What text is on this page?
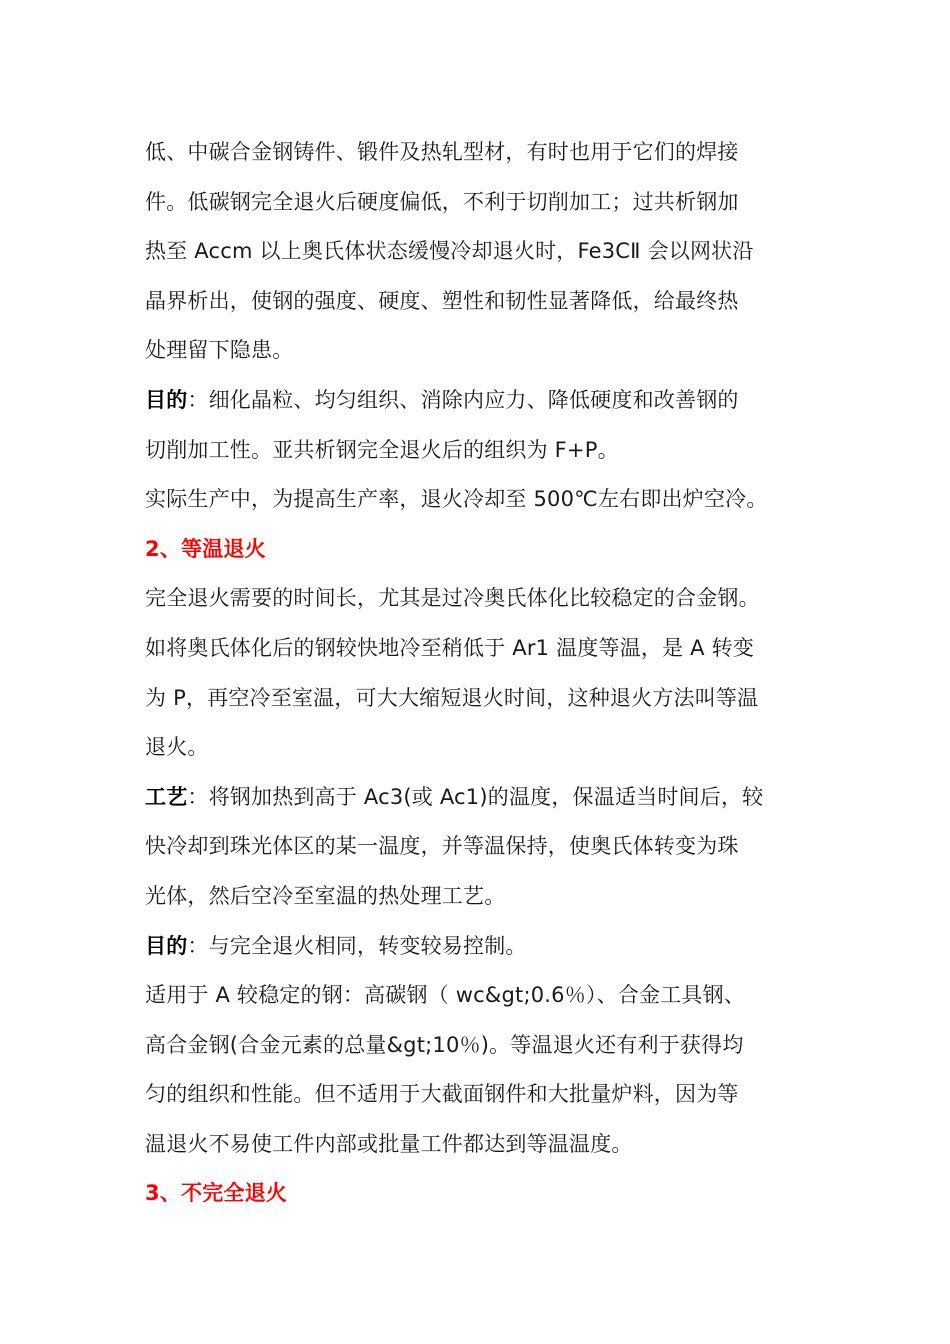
低、中碳合金钢铸件、锻件及热轧型材，有时也用于它们的焊接
件。低碳钢完全退火后硬度偏低，不利于切削加工；过共析钢加
热至 Accm 以上奥氏体状态缓慢冷却退火时，Fe3CⅡ 会以网状沿
晶界析出，使钢的强度、硬度、塑性和韧性显著降低，给最终热
处理留下隐患。
目的：细化晶粒、均匀组织、消除内应力、降低硬度和改善钢的
切削加工性。亚共析钢完全退火后的组织为 F+P。
实际生产中，为提高生产率，退火冷却至 500℃左右即出炉空冷。
2、等温退火
完全退火需要的时间长，尤其是过冷奥氏体化比较稳定的合金钢。
如将奥氏体化后的钢较快地冷至稍低于 Ar1 温度等温，是 A 转变
为 P，再空冷至室温，可大大缩短退火时间，这种退火方法叫等温
退火。
工艺：将钢加热到高于 Ac3(或 Ac1)的温度，保温适当时间后，较
快冷却到珠光体区的某一温度，并等温保持，使奥氏体转变为珠
光体，然后空冷至室温的热处理工艺。
目的：与完全退火相同，转变较易控制。
适用于 A 较稳定的钢：高碳钢（ wc&gt;0.6％）、合金工具钢、
高合金钢(合金元素的总量&gt;10％)。等温退火还有利于获得均
匀的组织和性能。但不适用于大截面钢件和大批量炉料，因为等
温退火不易使工件内部或批量工件都达到等温温度。
3、不完全退火
